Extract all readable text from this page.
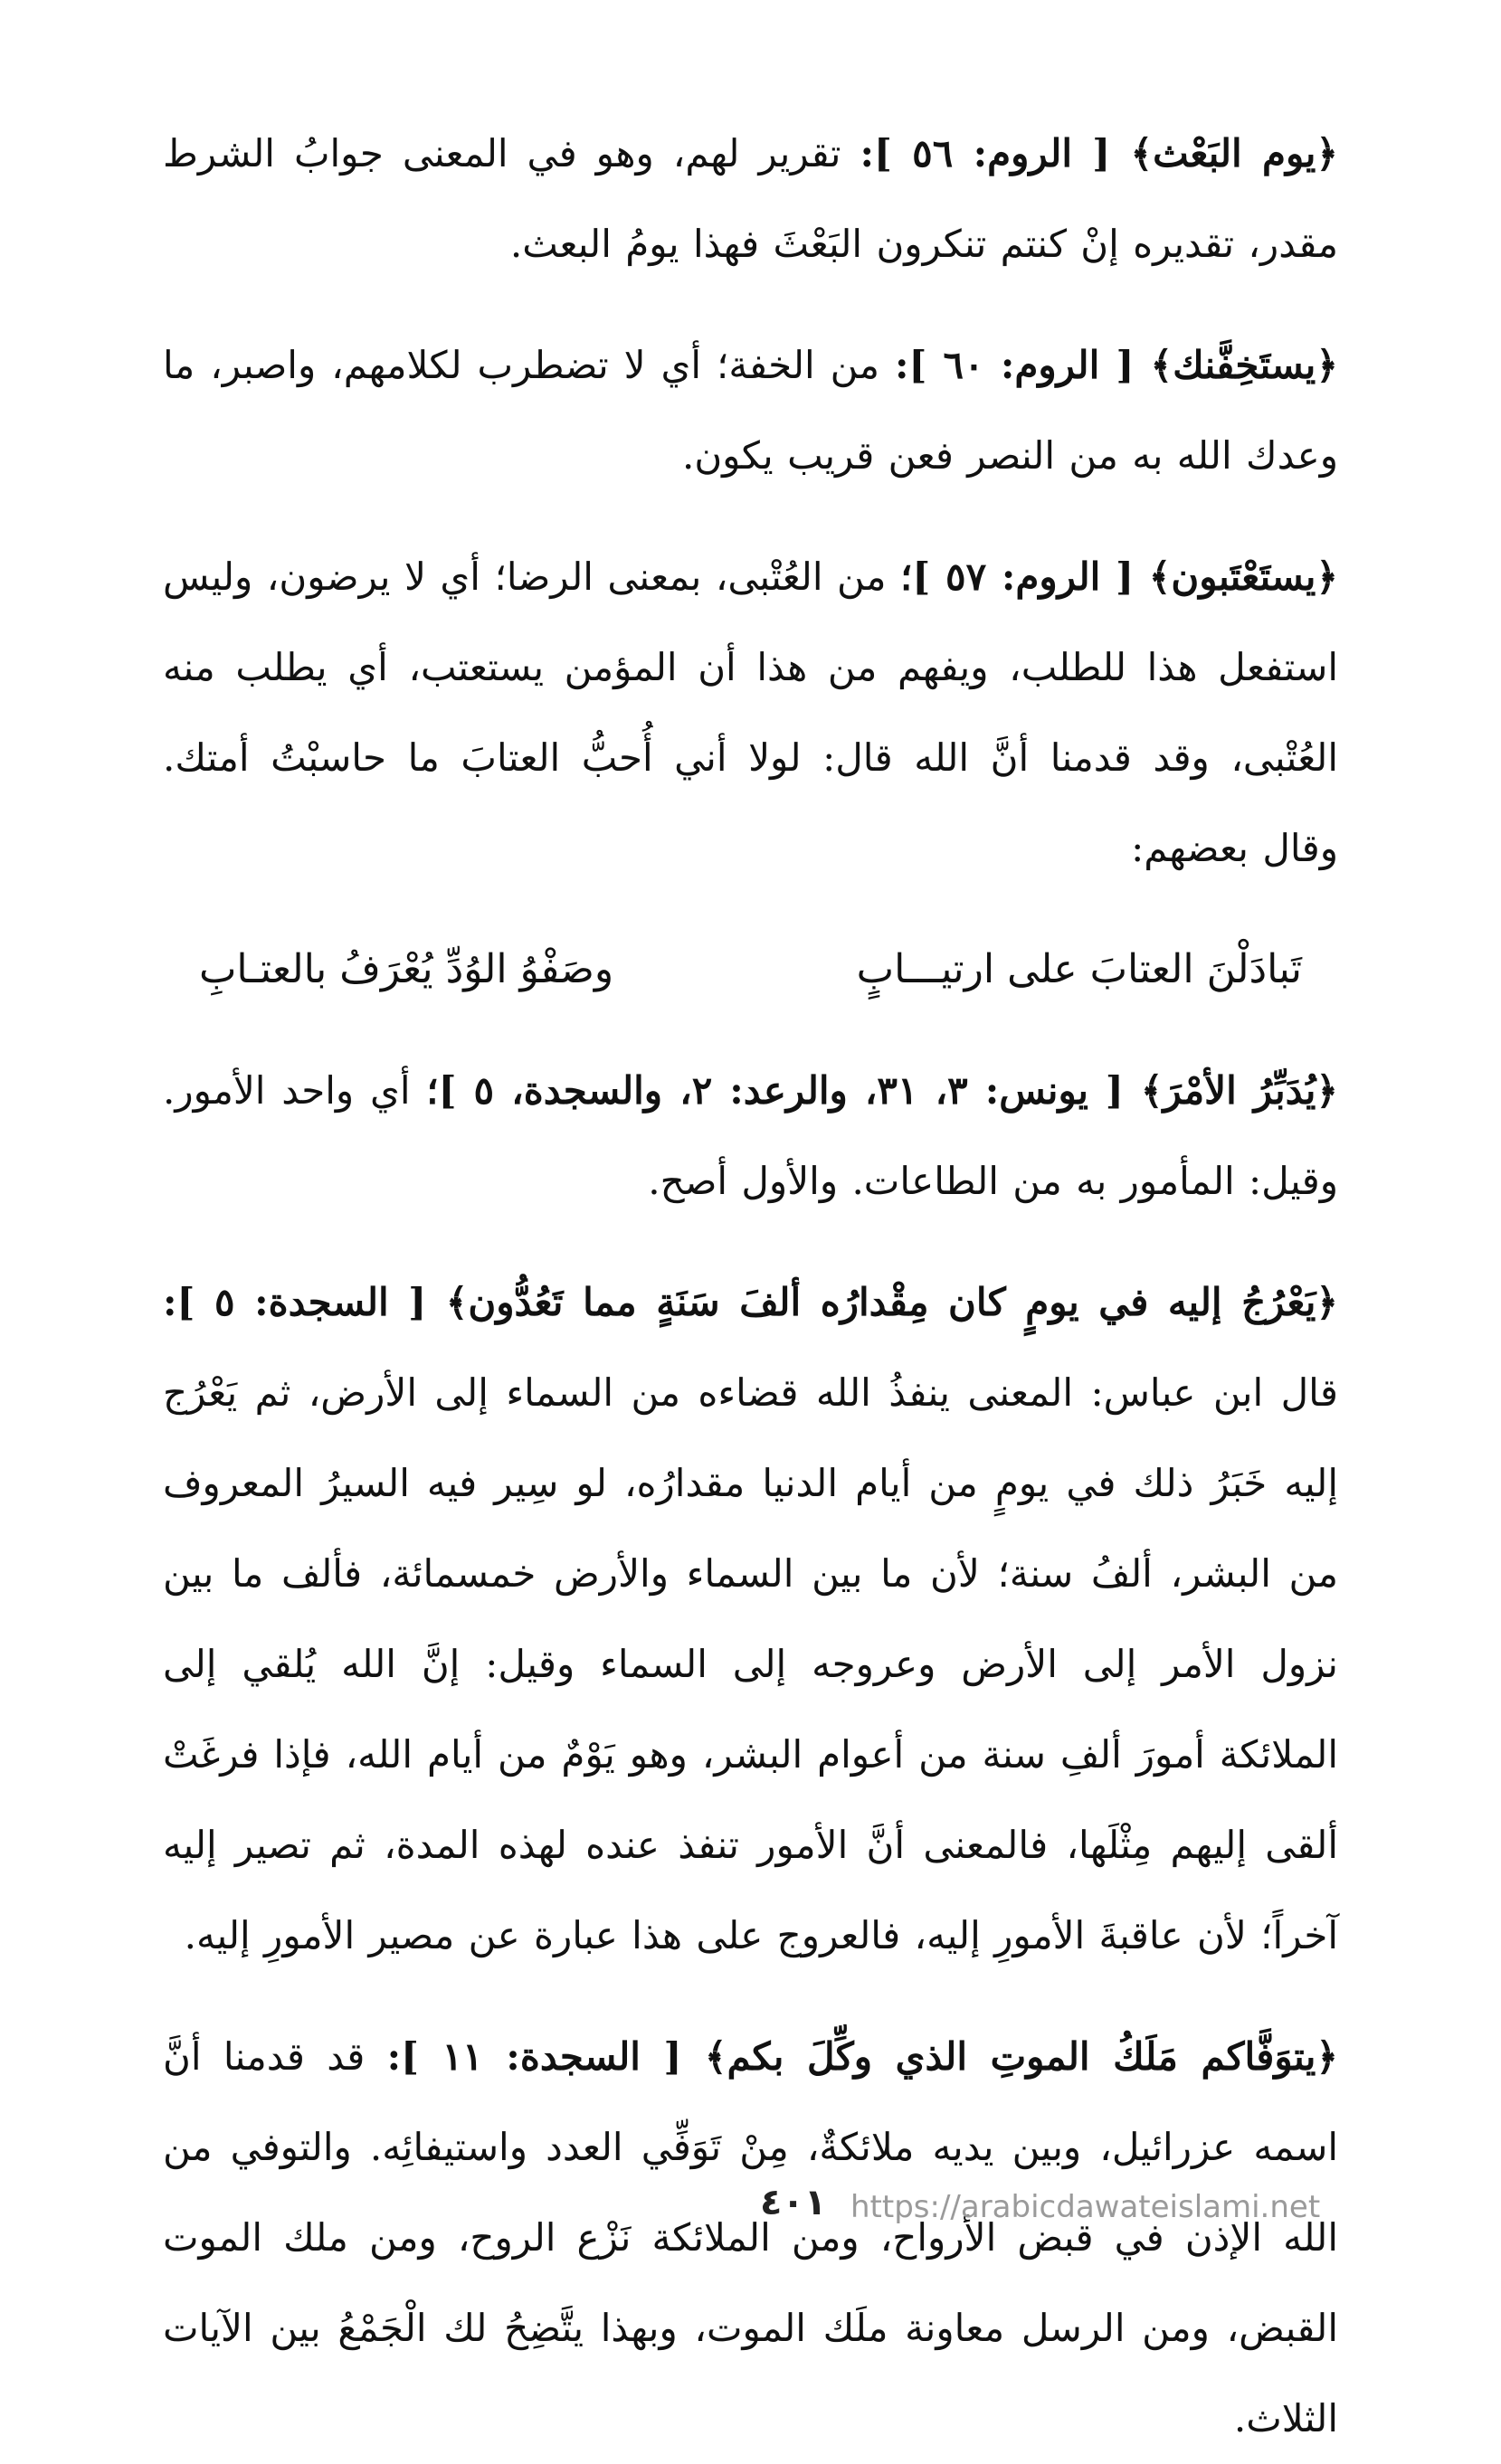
﴿يوم البَعْث﴾ [ الروم: ٥٦ ]: تقرير لهم، وهو في المعنى جوابُ الشرط مقدر، تقديره إنْ كنتم تنكرون البَعْثَ فهذا يومُ البعث.

﴿يستَخِفَّنك﴾ [ الروم: ٦٠ ]: من الخفة؛ أي لا تضطرب لكلامهم، واصبر، ما وعدك الله به من النصر فعن قريب يكون.

﴿يستَعْتَبون﴾ [ الروم: ٥٧ ]؛ من العُتْبى، بمعنى الرضا؛ أي لا يرضون، وليس استفعل هذا للطلب، ويفهم من هذا أن المؤمن يستعتب، أي يطلب منه العُتْبى، وقد قدمنا أنَّ الله قال: لولا أني أُحبُّ العتابَ ما حاسبْتُ أمتك. وقال بعضهم:

تَبادَلْنَ العتابَ على ارتيـــابٍ
وصَفْوُ الوُدِّ يُعْرَفُ بالعتـابِ

﴿يُدَبِّرُ الأمْرَ﴾ [ يونس: ٣، ٣١، والرعد: ٢، والسجدة، ٥ ]؛ أي واحد الأمور. وقيل: المأمور به من الطاعات. والأول أصح.

﴿يَعْرُجُ إليه في يومٍ كان مِقْدارُه ألفَ سَنَةٍ مما تَعُدُّون﴾ [ السجدة: ٥ ]: قال ابن عباس: المعنى ينفذُ الله قضاءه من السماء إلى الأرض، ثم يَعْرُج إليه خَبَرُ ذلك في يومٍ من أيام الدنيا مقدارُه، لو سِير فيه السيرُ المعروف من البشر، ألفُ سنة؛ لأن ما بين السماء والأرض خمسمائة، فألف ما بين نزول الأمر إلى الأرض وعروجه إلى السماء وقيل: إنَّ الله يُلقي إلى الملائكة أمورَ ألفِ سنة من أعوام البشر، وهو يَوْمٌ من أيام الله، فإذا فرغَتْ ألقى إليهم مِثْلَها، فالمعنى أنَّ الأمور تنفذ عنده لهذه المدة، ثم تصير إليه آخراً؛ لأن عاقبةَ الأمورِ إليه، فالعروج على هذا عبارة عن مصير الأمورِ إليه.

﴿يتوَفَّاكم مَلَكُ الموتِ الذي وكِّلَ بكم﴾ [ السجدة: ١١ ]: قد قدمنا أنَّ اسمه عزرائيل، وبين يديه ملائكةٌ، مِنْ تَوَفِّي العدد واستيفائِه. والتوفي من الله الإذن في قبض الأرواح، ومن الملائكة نَزْع الروح، ومن ملك الموت القبض، ومن الرسل معاونة ملَك الموت، وبهذا يتَّضِحُ لك الْجَمْعُ بين الآيات الثلاث.

٤٠١ https://arabicdawateislami.net
